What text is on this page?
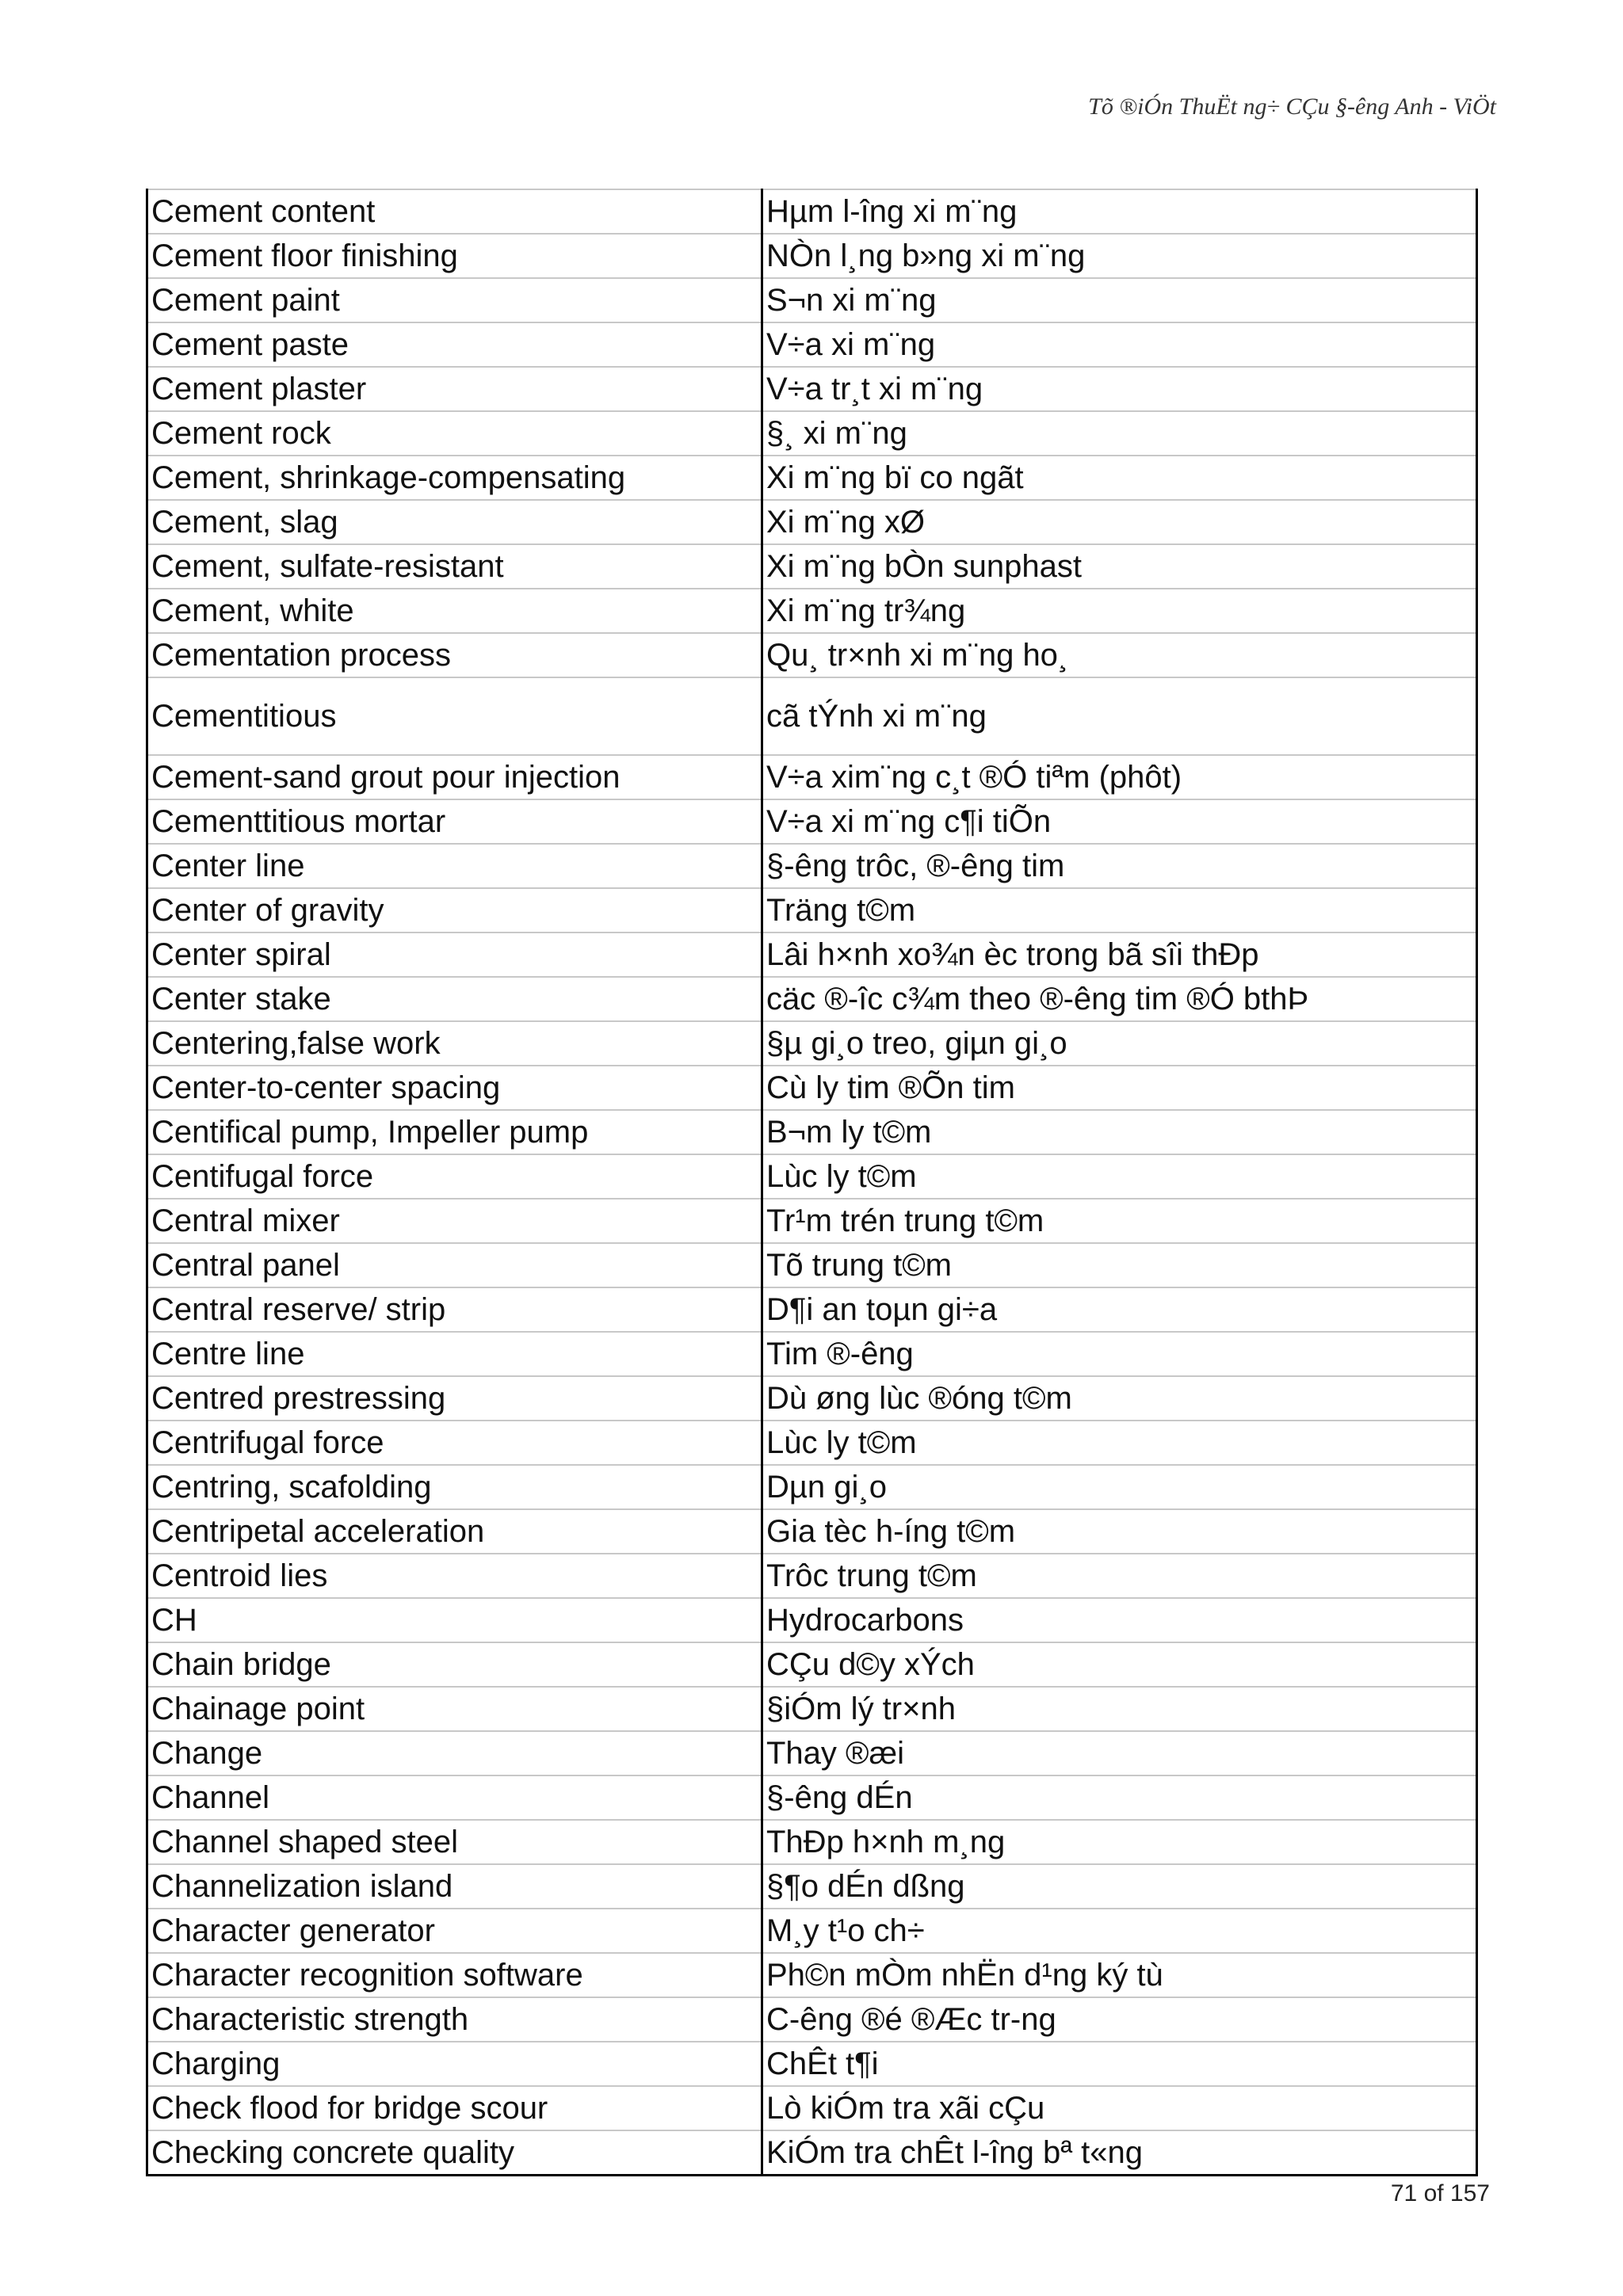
Tõ ®iÓn ThuËt ng÷ CÇu §-êng Anh - ViÖt
Cement content	Hµm l-îng xi m¨ng
Cement floor finishing	NÒn l¸ng b»ng xi m¨ng
Cement paint	S¬n xi m¨ng
Cement paste	V÷a xi m¨ng
Cement plaster	V÷a tr¸t xi m¨ng
Cement rock	§¸ xi m¨ng
Cement, shrinkage-compensating	Xi m¨ng bï co ngãt
Cement, slag	Xi m¨ng xØ
Cement, sulfate-resistant	Xi m¨ng bÒn sunphast
Cement, white	Xi m¨ng tr¾ng
Cementation process	Qu¸ tr×nh xi m¨ng ho¸
Cementitious	cã tÝnh xi m¨ng
Cement-sand grout pour injection	V÷a xim¨ng c¸t ®Ó tiªm (phôt)
Cementtitious mortar	V÷a xi m¨ng c¶i tiÕn
Center line	§-êng trôc, ®-êng tim
Center of gravity	Träng t©m
Center spiral	Lâi h×nh xo¾n èc trong bã sîi thÐp
Center stake	cäc ®-îc c¾m theo ®-êng tim ®Ó bthÞ
Centering,false work	§µ gi¸o treo, giµn gi¸o
Center-to-center spacing	Cù ly tim ®Õn tim
Centifical pump, Impeller pump	B¬m ly t©m
Centifugal force	Lùc ly t©m
Central mixer	Tr¹m trén trung t©m
Central panel	Tõ trung t©m
Central reserve/ strip	D¶i an toµn gi÷a
Centre line	Tim ®-êng
Centred prestressing	Dù øng lùc ®óng t©m
Centrifugal force	Lùc ly t©m
Centring, scafolding	Dµn gi¸o
Centripetal acceleration	Gia tèc h-íng t©m
Centroid lies	Trôc trung t©m
CH	Hydrocarbons
Chain bridge	CÇu d©y xÝch
Chainage point	§iÓm lý tr×nh
Change	Thay ®æi
Channel	§-êng dÉn
Channel shaped steel	ThÐp h×nh m¸ng
Channelization island	§¶o dÉn dßng
Character generator	M¸y t¹o ch÷
Character recognition software	Ph©n mÒm nhËn d¹ng ký tù
Characteristic strength	C-êng ®é ®Æc tr-ng
Charging	ChÊt t¶i
Check flood for bridge scour	Lò kiÓm tra xãi cÇu
Checking concrete quality	KiÓm tra chÊt l-îng bª t«ng
71 of 157
